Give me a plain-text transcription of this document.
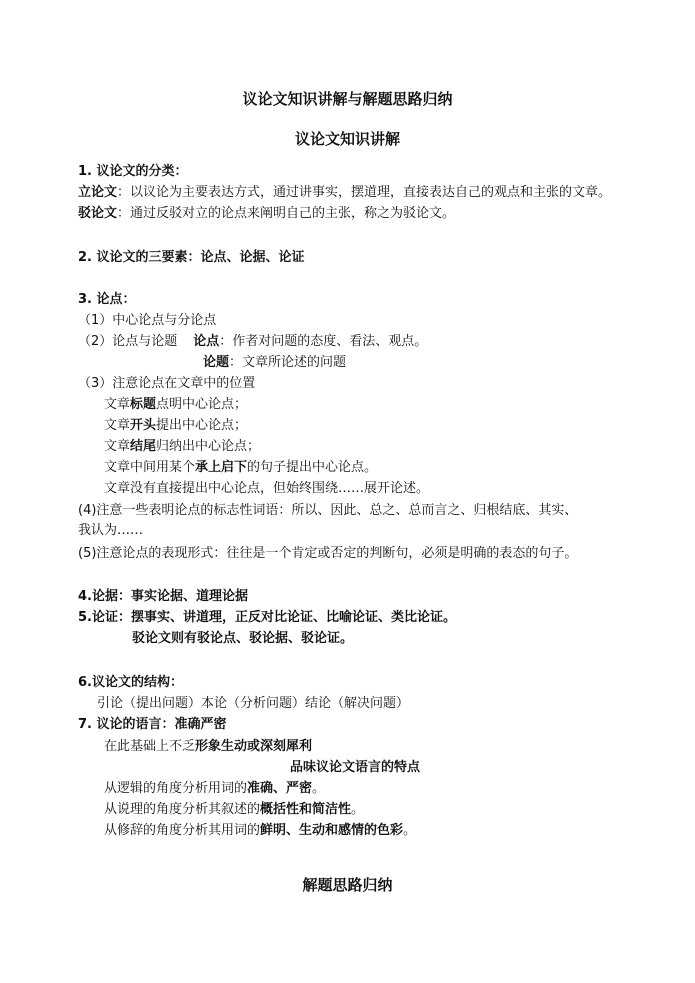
议论文知识讲解与解题思路归纳
议论文知识讲解
1. 议论文的分类：
立论文：以议论为主要表达方式，通过讲事实，摆道理，直接表达自己的观点和主张的文章。
驳论文：通过反驳对立的论点来阐明自己的主张，称之为驳论文。
2. 议论文的三要素：论点、论据、论证
3. 论点：
（1）中心论点与分论点
（2）论点与论题 论点：作者对问题的态度、看法、观点。
论题：文章所论述的问题
（3）注意论点在文章中的位置
文章标题点明中心论点；
文章开头提出中心论点；
文章结尾归纳出中心论点；
文章中间用某个承上启下的句子提出中心论点。
文章没有直接提出中心论点，但始终围绕……展开论述。
(4)注意一些表明论点的标志性词语：所以、因此、总之、总而言之、归根结底、其实、
我认为……
(5)注意论点的表现形式：往往是一个肯定或否定的判断句，必须是明确的表态的句子。
4.论据：事实论据、道理论据
5.论证：摆事实、讲道理，正反对比论证、比喻论证、类比论证。
驳论文则有驳论点、驳论据、驳论证。
6.议论文的结构：
引论（提出问题）本论（分析问题）结论（解决问题）
7. 议论的语言：准确严密
在此基础上不乏形象生动或深刻犀利
品味议论文语言的特点
从逻辑的角度分析用词的准确、严密。
从说理的角度分析其叙述的概括性和简洁性。
从修辞的角度分析其用词的鲜明、生动和感情的色彩。
解题思路归纳
